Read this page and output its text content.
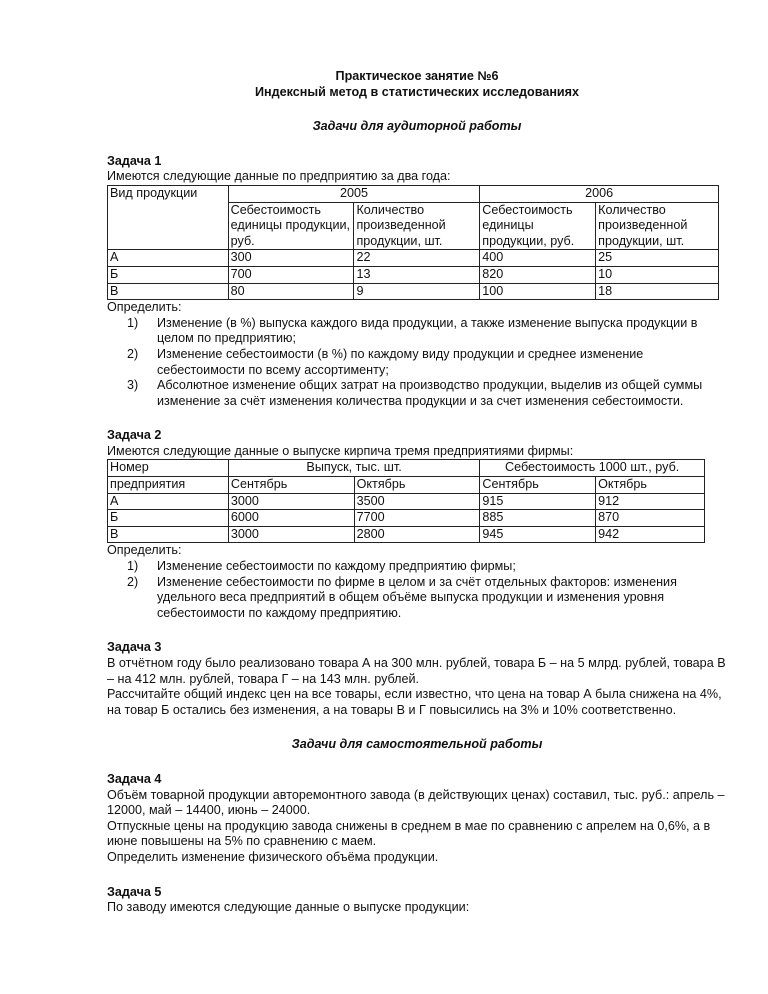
Практическое занятие №6

Индексный метод в статистических исследованиях

Задачи для аудиторной работы

Задача 1

Имеются следующие данные по предприятию за два года:

Вид продукции	2005		2006	
	Себестоимость единицы продукции, руб.	Количество произведенной продукции, шт.	Себестоимость единицы продукции, руб.	Количество произведенной продукции, шт.
А	300	22	400	25
Б	700	13	820	10
В	80	9	100	18

Определить:

1)	Изменение (в %) выпуска каждого вида продукции, а также изменение выпуска продукции в целом по предприятию;
2)	Изменение себестоимости (в %) по каждому виду продукции и среднее изменение себестоимости по всему ассортименту;
3)	Абсолютное изменение общих затрат на производство продукции, выделив из общей суммы изменение за счёт изменения количества продукции и за счет изменения себестоимости.

Задача 2

Имеются следующие данные о выпуске кирпича тремя предприятиями фирмы:

Номер	Выпуск, тыс. шт.		Себестоимость 1000 шт., руб.	
предприятия	Сентябрь	Октябрь	Сентябрь	Октябрь
А	3000	3500	915	912
Б	6000	7700	885	870
В	3000	2800	945	942

Определить:

1)	Изменение себестоимости по каждому предприятию фирмы;
2)	Изменение себестоимости по фирме в целом и за счёт отдельных факторов: изменения удельного веса предприятий в общем объёме выпуска продукции и изменения уровня себестоимости по каждому предприятию.

Задача 3

В отчётном году было реализовано товара А на 300 млн. рублей, товара Б – на 5 млрд. рублей, товара В – на 412 млн. рублей, товара Г – на 143 млн. рублей.

Рассчитайте общий индекс цен на все товары, если известно, что цена на товар А была снижена на 4%, на товар Б остались без изменения, а на товары В и Г повысились на 3% и 10% соответственно.

Задачи для самостоятельной работы

Задача 4

Объём товарной продукции авторемонтного завода (в действующих ценах) составил, тыс. руб.: апрель – 12000, май – 14400, июнь – 24000.

Отпускные цены на продукцию завода снижены в среднем в мае по сравнению с апрелем на 0,6%, а в июне повышены на 5% по сравнению с маем.

Определить изменение физического объёма продукции.

Задача 5

По заводу имеются следующие данные о выпуске продукции:
